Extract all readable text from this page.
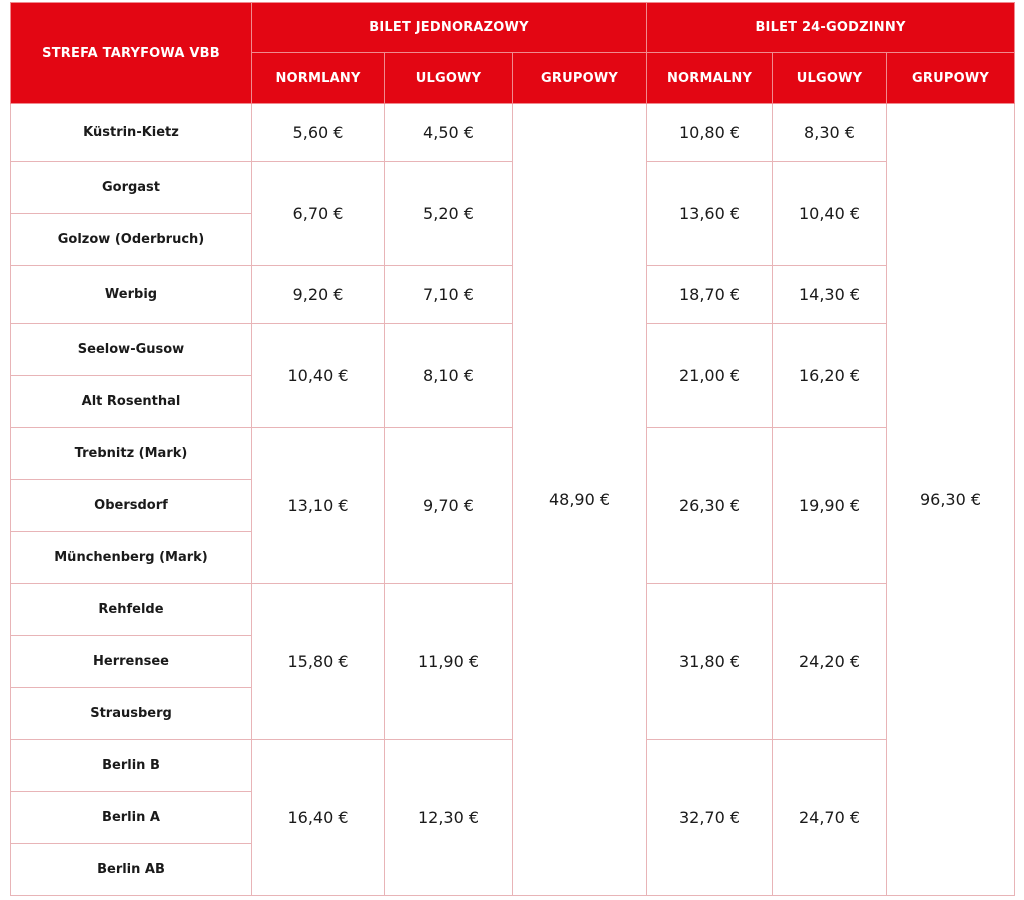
STREFA TARYFOWA VBB	BILET JEDNORAZOWY			BILET 24-GODZINNY		
	NORMLANY	ULGOWY	GRUPOWY	NORMALNY	ULGOWY	GRUPOWY
Küstrin-Kietz	5,60 €	4,50 €	48,90 €	10,80 €	8,30 €	96,30 €
Gorgast	6,70 €	5,20 €		13,60 €	10,40 €	
Golzow (Oderbruch)						
Werbig	9,20 €	7,10 €		18,70 €	14,30 €	
Seelow-Gusow	10,40 €	8,10 €		21,00 €	16,20 €	
Alt Rosenthal						
Trebnitz (Mark)	13,10 €	9,70 €		26,30 €	19,90 €	
Obersdorf						
Münchenberg (Mark)						
Rehfelde	15,80 €	11,90 €		31,80 €	24,20 €	
Herrensee						
Strausberg						
Berlin B	16,40 €	12,30 €		32,70 €	24,70 €	
Berlin A						
Berlin AB						
